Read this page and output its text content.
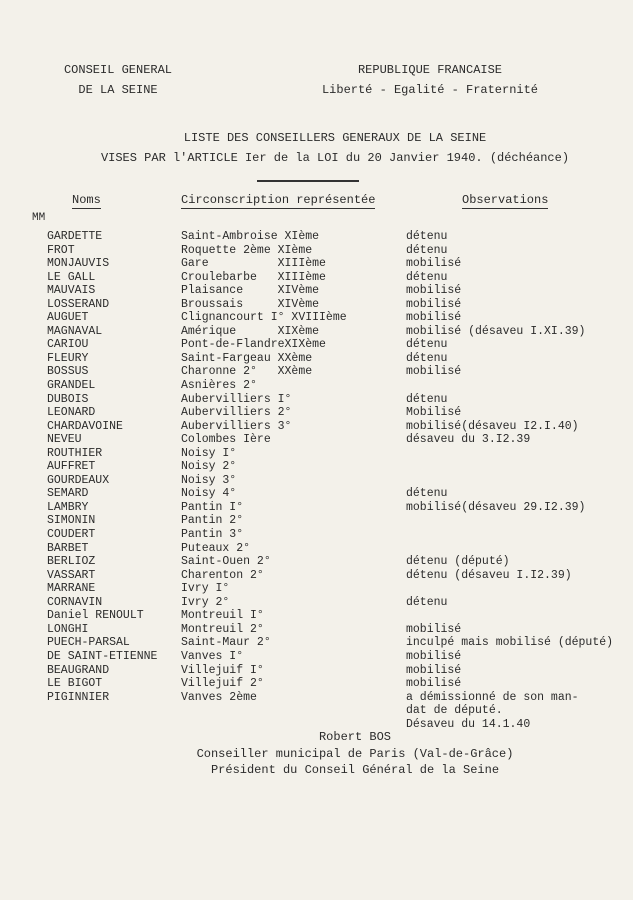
CONSEIL GENERAL
DE LA SEINE
REPUBLIQUE FRANCAISE
Liberté - Egalité - Fraternité
LISTE DES CONSEILLERS GENERAUX DE LA SEINE
VISES PAR l'ARTICLE Ier de la LOI du 20 Janvier 1940. (déchéance)
Noms	Circonscription représentée	Observations
MM
GARDETTE	Saint-Ambroise XIème	détenu
FROT	Roquette 2ème XIème	détenu
MONJAUVIS	Gare          XIIIème	mobilisé
LE GALL	Croulebarbe   XIIIème	détenu
MAUVAIS	Plaisance     XIVème	mobilisé
LOSSERAND	Broussais     XIVème	mobilisé
AUGUET	Clignancourt I° XVIIIème	mobilisé
MAGNAVAL	Amérique      XIXème	mobilisé (désaveu I.XI.39)
CARIOU	Pont-de-FlandreXIXème	détenu
FLEURY	Saint-Fargeau XXème	détenu
BOSSUS	Charonne 2°   XXème	mobilisé
GRANDEL	Asnières 2°
DUBOIS	Aubervilliers I°	détenu
LEONARD	Aubervilliers 2°	Mobilisé
CHARDAVOINE	Aubervilliers 3°	mobilisé(désaveu I2.I.40)
NEVEU	Colombes Ière	désaveu du 3.I2.39
ROUTHIER	Noisy I°
AUFFRET	Noisy 2°
GOURDEAUX	Noisy 3°
SEMARD	Noisy 4°	détenu
LAMBRY	Pantin I°	mobilisé(désaveu 29.I2.39)
SIMONIN	Pantin 2°
COUDERT	Pantin 3°
BARBET	Puteaux 2°
BERLIOZ	Saint-Ouen 2°	détenu (député)
VASSART	Charenton 2°	détenu (désaveu I.I2.39)
MARRANE	Ivry I°
CORNAVIN	Ivry 2°	détenu
Daniel RENOULT	Montreuil I°
LONGHI	Montreuil 2°	mobilisé
PUECH-PARSAL	Saint-Maur 2°	inculpé mais mobilisé (député)
DE SAINT-ETIENNE Vanves I°	mobilisé
BEAUGRAND	Villejuif I°	mobilisé
LE BIGOT	Villejuif 2°	mobilisé
PIGINNIER	Vanves 2ème	a démissionné de son man-
dat de député.
Désaveu du 14.1.40
Robert BOS
Conseiller municipal de Paris (Val-de-Grâce)
Président du Conseil Général de la Seine
